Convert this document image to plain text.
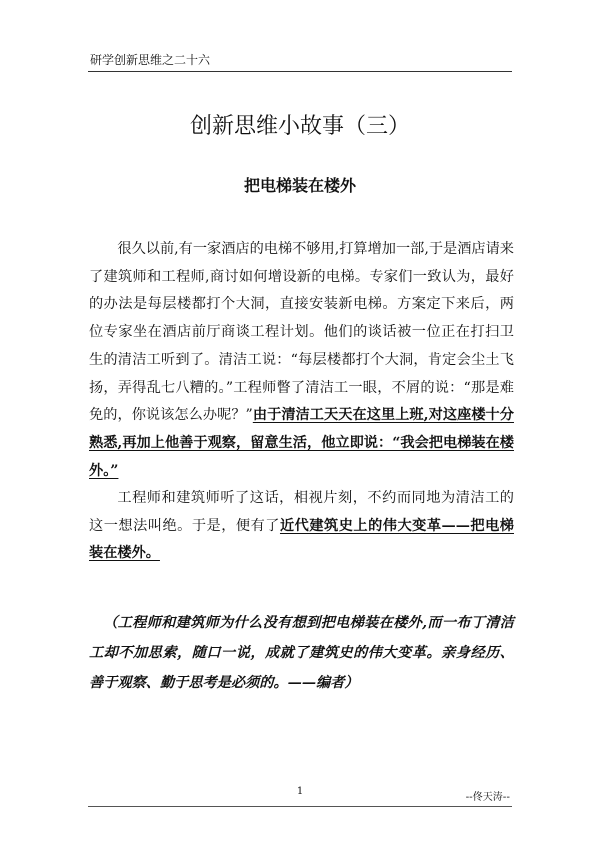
研学创新思维之二十六
创新思维小故事（三）
把电梯装在楼外
很久以前,有一家酒店的电梯不够用,打算增加一部,于是酒店请来了建筑师和工程师,商讨如何增设新的电梯。专家们一致认为，最好的办法是每层楼都打个大洞，直接安装新电梯。方案定下来后，两位专家坐在酒店前厅商谈工程计划。他们的谈话被一位正在打扫卫生的清洁工听到了。清洁工说：“每层楼都打个大洞，肯定会尘土飞扬，弄得乱七八糟的。”工程师瞥了清洁工一眼，不屑的说：“那是难免的，你说该怎么办呢？”由于清洁工天天在这里上班,对这座楼十分熟悉,再加上他善于观察，留意生活，他立即说：“我会把电梯装在楼外。”
工程师和建筑师听了这话，相视片刻，不约而同地为清洁工的这一想法叫绝。于是，便有了近代建筑史上的伟大变革——把电梯装在楼外。
（工程师和建筑师为什么没有想到把电梯装在楼外,而一布丁清洁工却不加思索，随口一说，成就了建筑史的伟大变革。亲身经历、善于观察、勤于思考是必须的。——编者）
1
--佟天涛--
